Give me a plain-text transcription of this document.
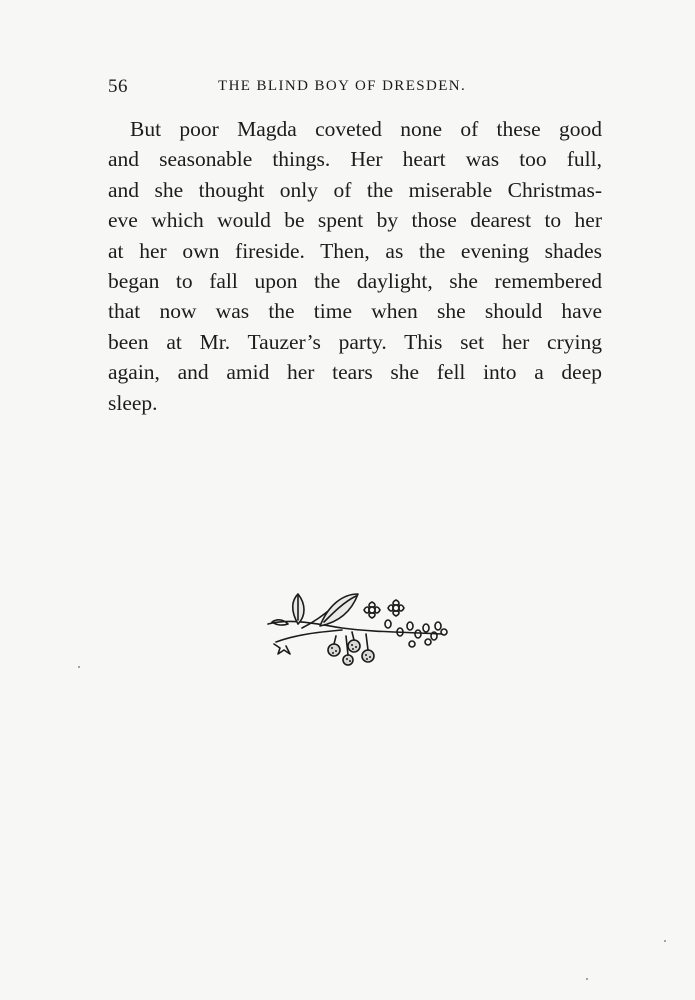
56	THE BLIND BOY OF DRESDEN.

But poor Magda coveted none of these good
and seasonable things. Her heart was too full,
and she thought only of the miserable Christmas-
eve which would be spent by those dearest to her
at her own fireside. Then, as the evening shades
began to fall upon the daylight, she remembered
that now was the time when she should have
been at Mr. Tauzer’s party. This set her crying
again, and amid her tears she fell into a deep
sleep.
